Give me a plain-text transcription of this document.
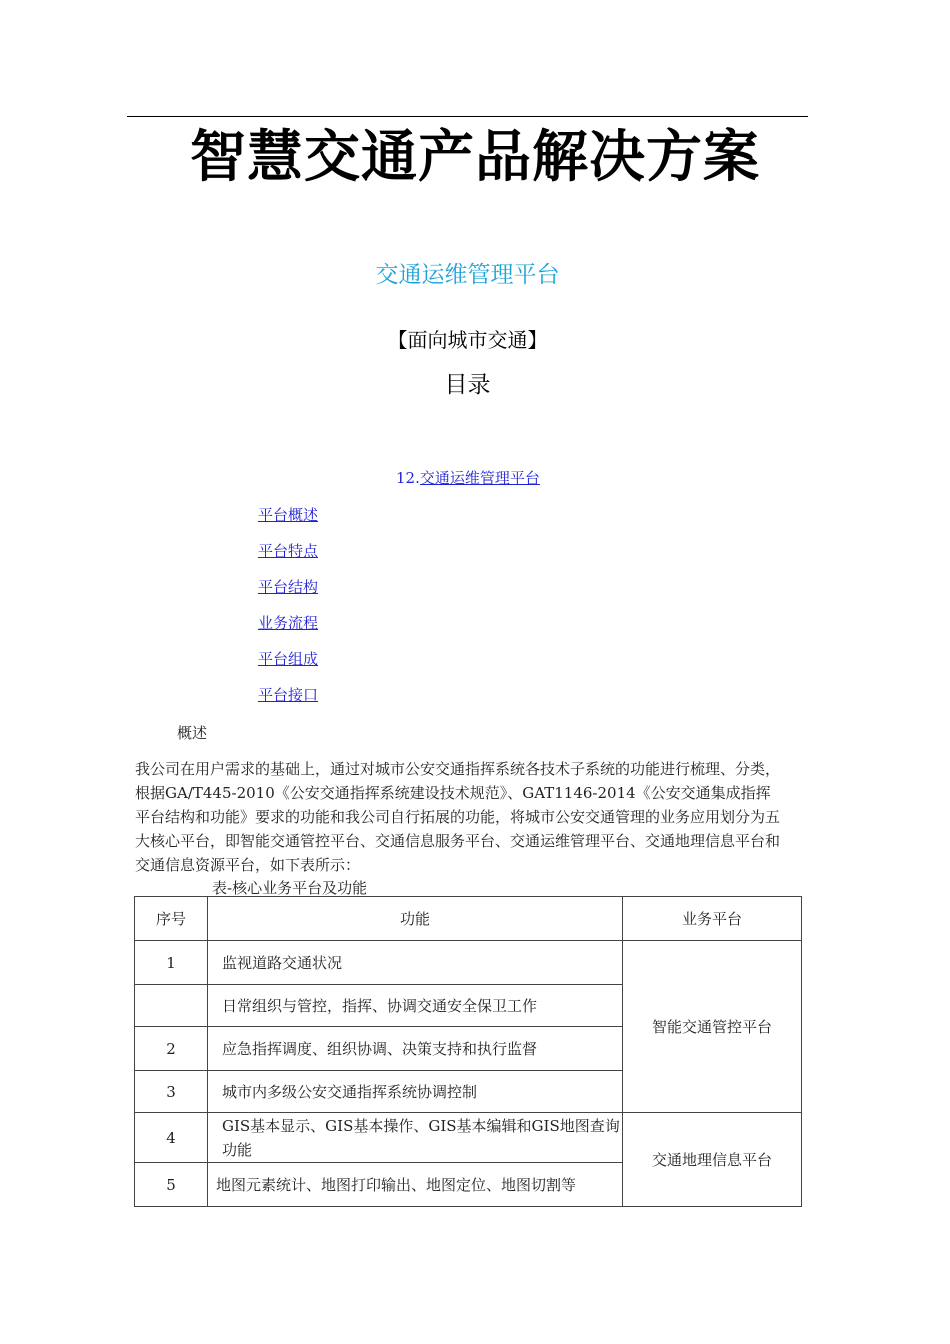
智慧交通产品解决方案
交通运维管理平台
【面向城市交通】
目录
12.交通运维管理平台
平台概述
平台特点
平台结构
业务流程
平台组成
平台接口
概述

我公司在用户需求的基础上，通过对城市公安交通指挥系统各技术子系统的功能进行梳理、分类，根据GA/T445-2010《公安交通指挥系统建设技术规范》、GAT1146-2014《公安交通集成指挥平台结构和功能》要求的功能和我公司自行拓展的功能，将城市公安交通管理的业务应用划分为五大核心平台，即智能交通管控平台、交通信息服务平台、交通运维管理平台、交通地理信息平台和交通信息资源平台，如下表所示：

表-核心业务平台及功能
序号	功能	业务平台
1	监视道路交通状况	智能交通管控平台
	日常组织与管控，指挥、协调交通安全保卫工作	
2	应急指挥调度、组织协调、决策支持和执行监督	
3	城市内多级公安交通指挥系统协调控制	
4	GIS基本显示、GIS基本操作、GIS基本编辑和GIS地图查询功能	交通地理信息平台
5	地图元素统计、地图打印输出、地图定位、地图切割等	
